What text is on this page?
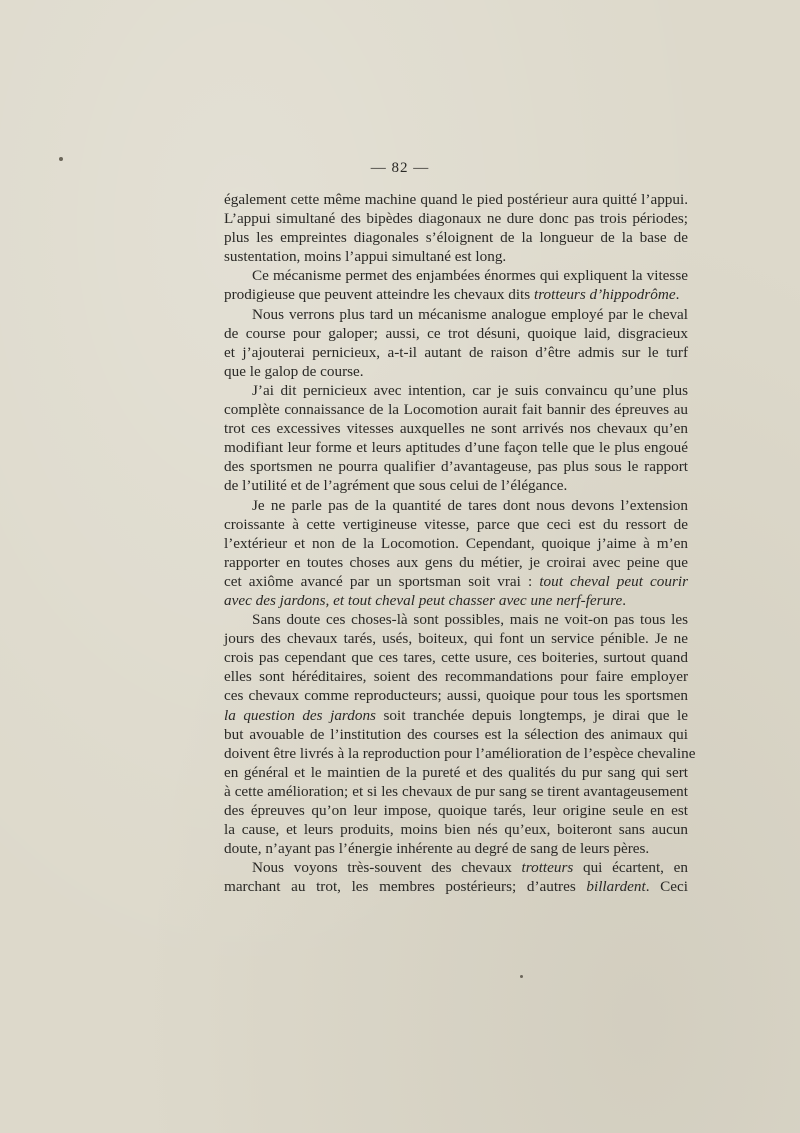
— 82 —
également cette même machine quand le pied postérieur aura quitté l’appui.
L’appui simultané des bipèdes diagonaux ne dure donc pas trois périodes;
plus les empreintes diagonales s’éloignent de la longueur de la base de
sustentation, moins l’appui simultané est long.
Ce mécanisme permet des enjambées énormes qui expliquent la vitesse
prodigieuse que peuvent atteindre les chevaux dits trotteurs d’hippodrôme.
Nous verrons plus tard un mécanisme analogue employé par le cheval
de course pour galoper; aussi, ce trot désuni, quoique laid, disgracieux
et j’ajouterai pernicieux, a-t-il autant de raison d’être admis sur le turf
que le galop de course.
J’ai dit pernicieux avec intention, car je suis convaincu qu’une plus
complète connaissance de la Locomotion aurait fait bannir des épreuves au
trot ces excessives vitesses auxquelles ne sont arrivés nos chevaux qu’en
modifiant leur forme et leurs aptitudes d’une façon telle que le plus engoué
des sportsmen ne pourra qualifier d’avantageuse, pas plus sous le rapport
de l’utilité et de l’agrément que sous celui de l’élégance.
Je ne parle pas de la quantité de tares dont nous devons l’extension
croissante à cette vertigineuse vitesse, parce que ceci est du ressort de
l’extérieur et non de la Locomotion. Cependant, quoique j’aime à m’en
rapporter en toutes choses aux gens du métier, je croirai avec peine que
cet axiôme avancé par un sportsman soit vrai : tout cheval peut courir
avec des jardons, et tout cheval peut chasser avec une nerf-ferure.
Sans doute ces choses-là sont possibles, mais ne voit-on pas tous les
jours des chevaux tarés, usés, boiteux, qui font un service pénible. Je ne
crois pas cependant que ces tares, cette usure, ces boiteries, surtout quand
elles sont héréditaires, soient des recommandations pour faire employer
ces chevaux comme reproducteurs; aussi, quoique pour tous les sportsmen
la question des jardons soit tranchée depuis longtemps, je dirai que le
but avouable de l’institution des courses est la sélection des animaux qui
doivent être livrés à la reproduction pour l’amélioration de l’espèce chevaline
en général et le maintien de la pureté et des qualités du pur sang qui sert
à cette amélioration; et si les chevaux de pur sang se tirent avantageusement
des épreuves qu’on leur impose, quoique tarés, leur origine seule en est
la cause, et leurs produits, moins bien nés qu’eux, boiteront sans aucun
doute, n’ayant pas l’énergie inhérente au degré de sang de leurs pères.
Nous voyons très-souvent des chevaux trotteurs qui écartent, en
marchant au trot, les membres postérieurs; d’autres billardent. Ceci
